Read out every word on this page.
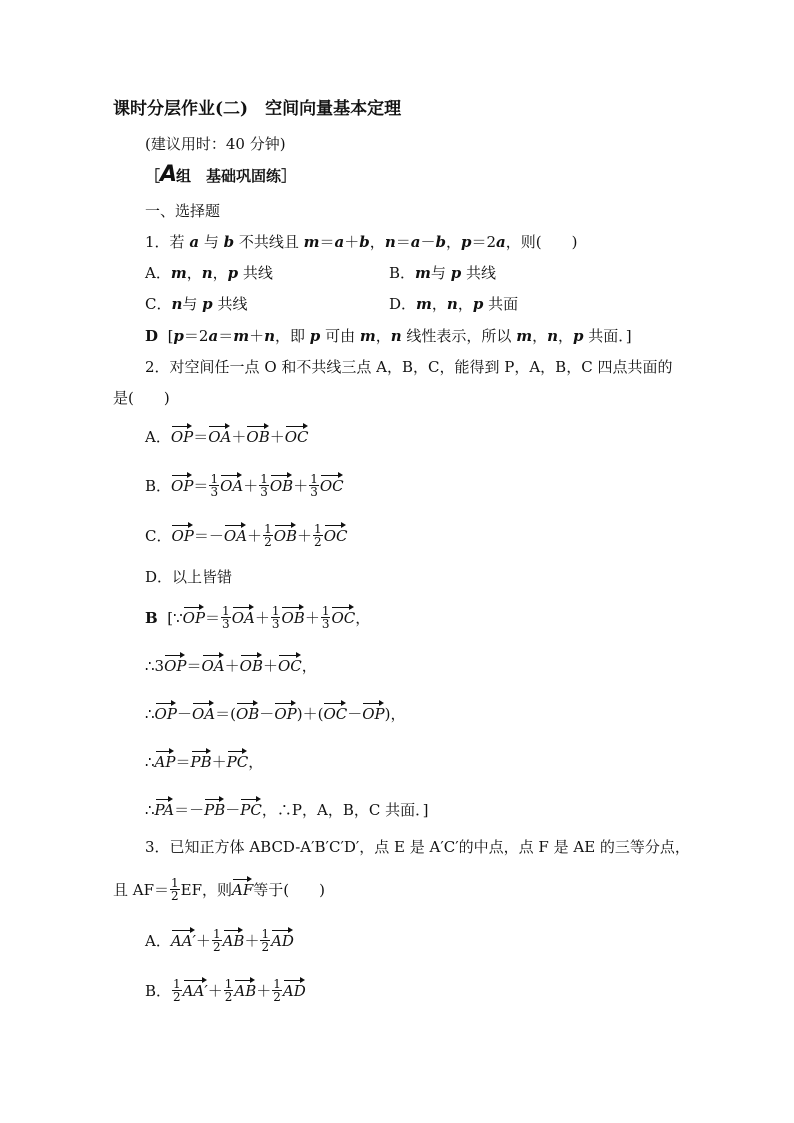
课时分层作业(二)　空间向量基本定理
(建议用时：40 分钟)
［A组　基础巩固练］
一、选择题
1．若 a 与 b 不共线且 m＝a＋b，n＝a－b，p＝2a，则(　　)
A．m，n，p 共线	B．m与 p 共线
C．n与 p 共线	D．m，n，p 共面
D [p＝2a＝m＋n，即 p 可由 m，n 线性表示，所以 m，n，p 共面．]
2．对空间任一点 O 和不共线三点 A，B，C，能得到 P，A，B，C 四点共面的
是(　　)
A．OP＝OA＋OB＋OC
B．$OP= \frac{1}{3} OA+ \frac{1}{3} OB+ \frac{1}{3}$ OC
C．$OP=-OA+ \frac{1}{2} OB+ \frac{1}{2}$ OC
D．以上皆错
B [∵OP＝ $\frac{1}{3} OA+ \frac{1}{3} OB+ \frac{1}{3}$ OC，
∴3OP＝OA＋OB＋OC，
∴OP－OA＝(OB－OP)＋(OC－OP)，
∴AP＝PB＋PC，
∴PA＝－PB－PC，∴P，A，B，C 共面．]
3．已知正方体 ABCD-A′B′C′D′，点 E 是 A′C′的中点，点 F 是 AE 的三等分点，
且 $AF= \frac{1}{2}$ EF，则AF等于(　　)
A．$AA'+ \frac{1}{2} AB+ \frac{1}{2}$ AD
B． $\frac{1}{2} AA'+ \frac{1}{2} AB+ \frac{1}{2}$ AD
